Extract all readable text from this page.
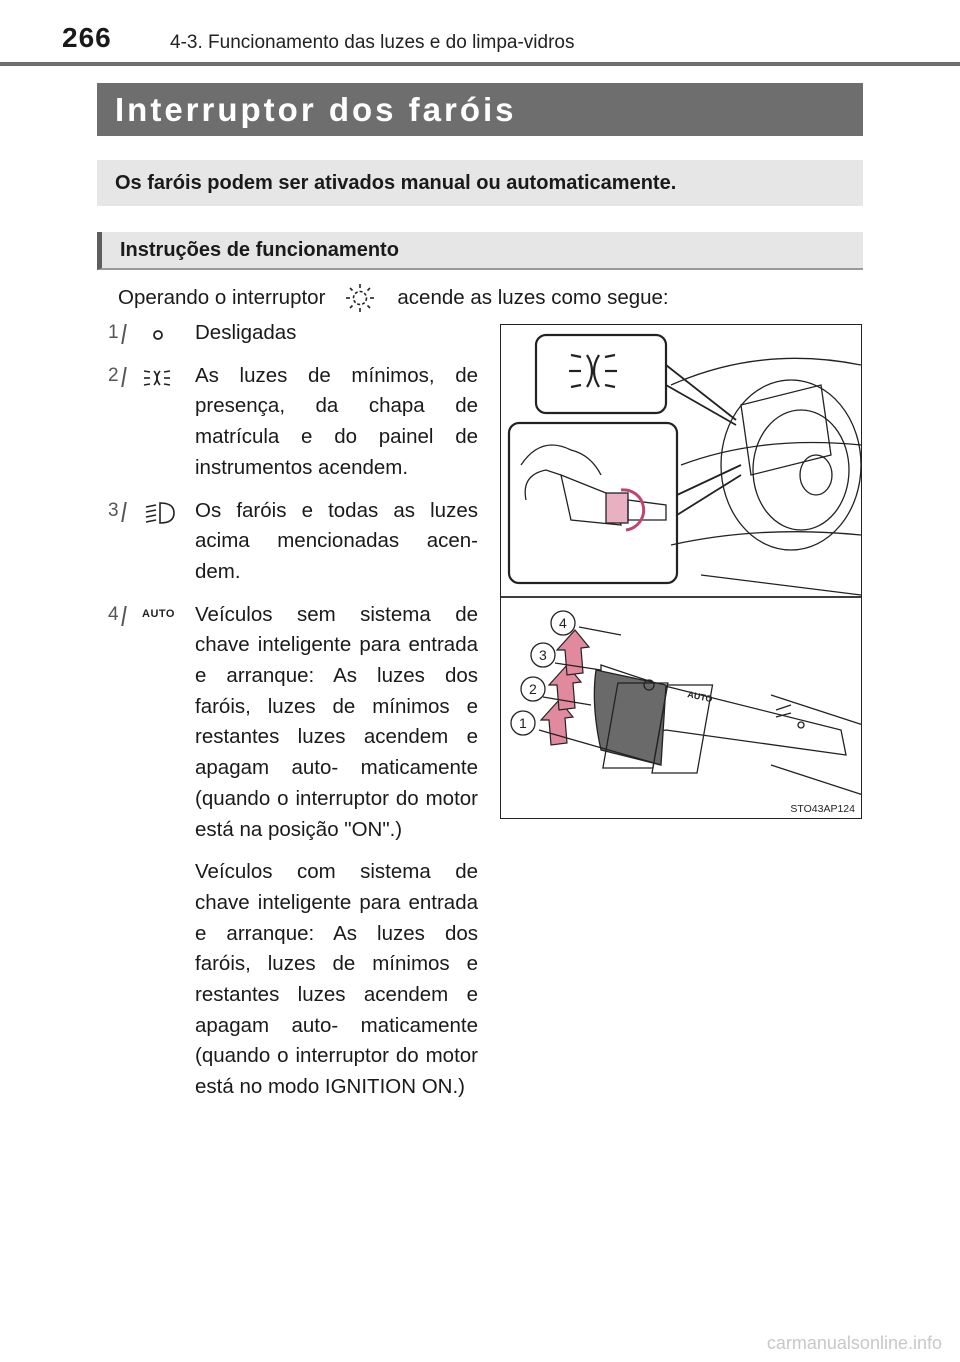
266	4-3. Funcionamento das luzes e do limpa-vidros
Interruptor dos faróis
Os faróis podem ser ativados manual ou automaticamente.
Instruções de funcionamento
Operando o interruptor	acende as luzes como segue:
1	Desligadas

2	As luzes de mínimos, de presença, da chapa de matrícula e do painel de instrumentos acendem.

3	Os faróis e todas as luzes acima mencionadas acen- dem.

4	AUTO Veículos sem sistema de chave inteligente para entrada e arranque: As luzes dos faróis, luzes de mínimos e restantes luzes acendem e apagam auto- maticamente (quando o interruptor do motor está na posição "ON".)

Veículos com sistema de chave inteligente para entrada e arranque: As luzes dos faróis, luzes de mínimos e restantes luzes acendem e apagam auto- maticamente (quando o interruptor do motor está no modo IGNITION ON.)

1
2
3
4
AUTO
STO43AP124
carmanualsonline.info
